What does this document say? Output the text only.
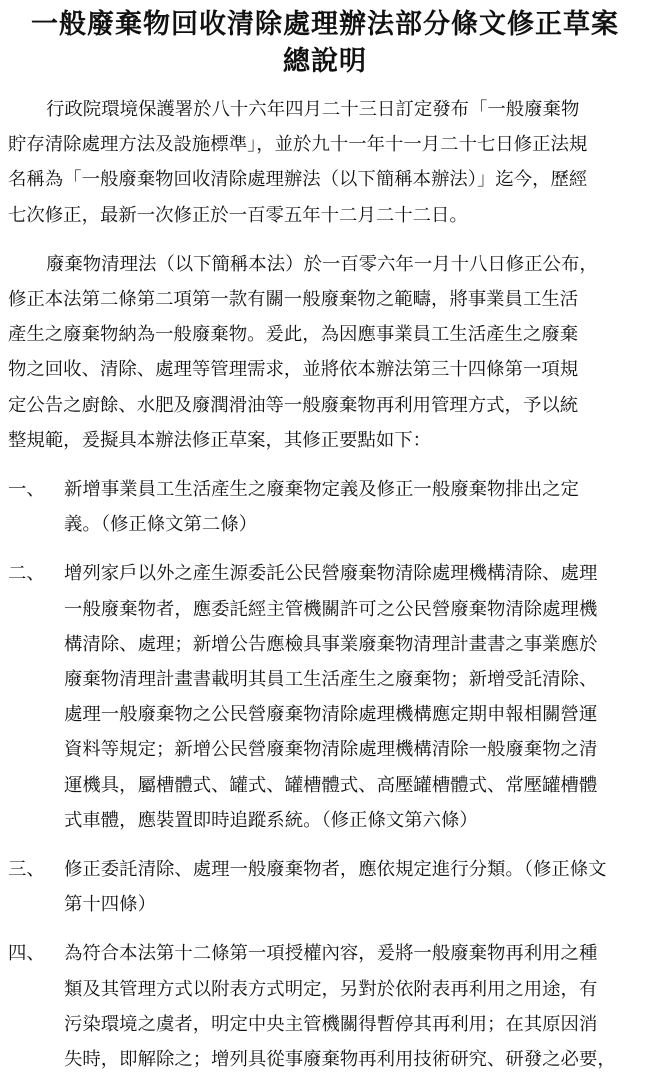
一般廢棄物回收清除處理辦法部分條文修正草案
總說明
行政院環境保護署於八十六年四月二十三日訂定發布「一般廢棄物
貯存清除處理方法及設施標準」，並於九十一年十一月二十七日修正法規
名稱為「一般廢棄物回收清除處理辦法（以下簡稱本辦法）」迄今，歷經
七次修正，最新一次修正於一百零五年十二月二十二日。
廢棄物清理法（以下簡稱本法）於一百零六年一月十八日修正公布，
修正本法第二條第二項第一款有關一般廢棄物之範疇，將事業員工生活
產生之廢棄物納為一般廢棄物。爰此，為因應事業員工生活產生之廢棄
物之回收、清除、處理等管理需求，並將依本辦法第三十四條第一項規
定公告之廚餘、水肥及廢潤滑油等一般廢棄物再利用管理方式，予以統
整規範，爰擬具本辦法修正草案，其修正要點如下：
一、 新增事業員工生活產生之廢棄物定義及修正一般廢棄物排出之定
義。（修正條文第二條）
二、 增列家戶以外之產生源委託公民營廢棄物清除處理機構清除、處理
一般廢棄物者，應委託經主管機關許可之公民營廢棄物清除處理機
構清除、處理；新增公告應檢具事業廢棄物清理計畫書之事業應於
廢棄物清理計畫書載明其員工生活產生之廢棄物；新增受託清除、
處理一般廢棄物之公民營廢棄物清除處理機構應定期申報相關營運
資料等規定；新增公民營廢棄物清除處理機構清除一般廢棄物之清
運機具，屬槽體式、罐式、罐槽體式、高壓罐槽體式、常壓罐槽體
式車體，應裝置即時追蹤系統。（修正條文第六條）
三、 修正委託清除、處理一般廢棄物者，應依規定進行分類。（修正條文
第十四條）
四、 為符合本法第十二條第一項授權內容，爰將一般廢棄物再利用之種
類及其管理方式以附表方式明定，另對於依附表再利用之用途，有
污染環境之虞者，明定中央主管機關得暫停其再利用；在其原因消
失時，即解除之；增列具從事廢棄物再利用技術研究、研發之必要，
